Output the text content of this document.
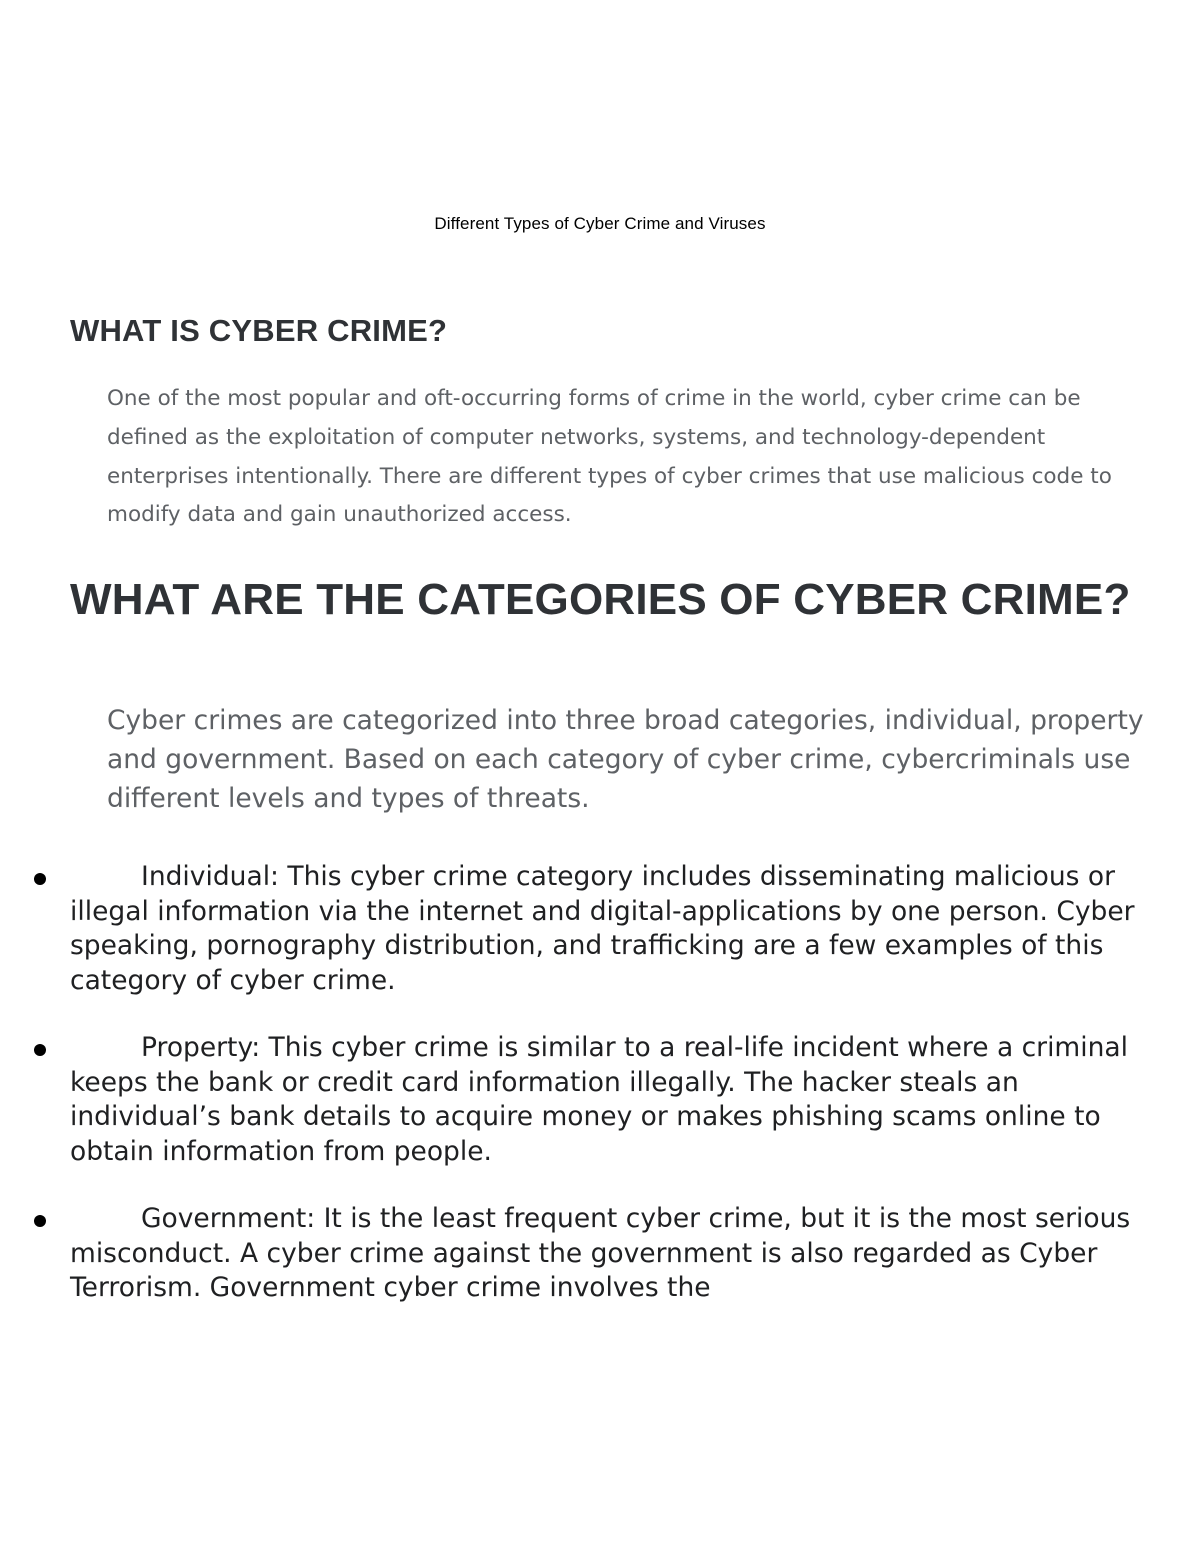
Different Types of Cyber Crime and Viruses
WHAT IS CYBER CRIME?

One of the most popular and oft-occurring forms of crime in the world, cyber crime can be defined as the exploitation of computer networks, systems, and technology-dependent enterprises intentionally. There are different types of cyber crimes that use malicious code to modify data and gain unauthorized access.

WHAT ARE THE CATEGORIES OF CYBER CRIME?

Cyber crimes are categorized into three broad categories, individual, property and government. Based on each category of cyber crime, cybercriminals use different levels and types of threats.

Individual: This cyber crime category includes disseminating malicious or illegal information via the internet and digital-applications by one person. Cyber speaking, pornography distribution, and trafficking are a few examples of this category of cyber crime.

Property: This cyber crime is similar to a real-life incident where a criminal keeps the bank or credit card information illegally. The hacker steals an individual’s bank details to acquire money or makes phishing scams online to obtain information from people.

Government: It is the least frequent cyber crime, but it is the most serious misconduct. A cyber crime against the government is also regarded as Cyber Terrorism. Government cyber crime involves the
